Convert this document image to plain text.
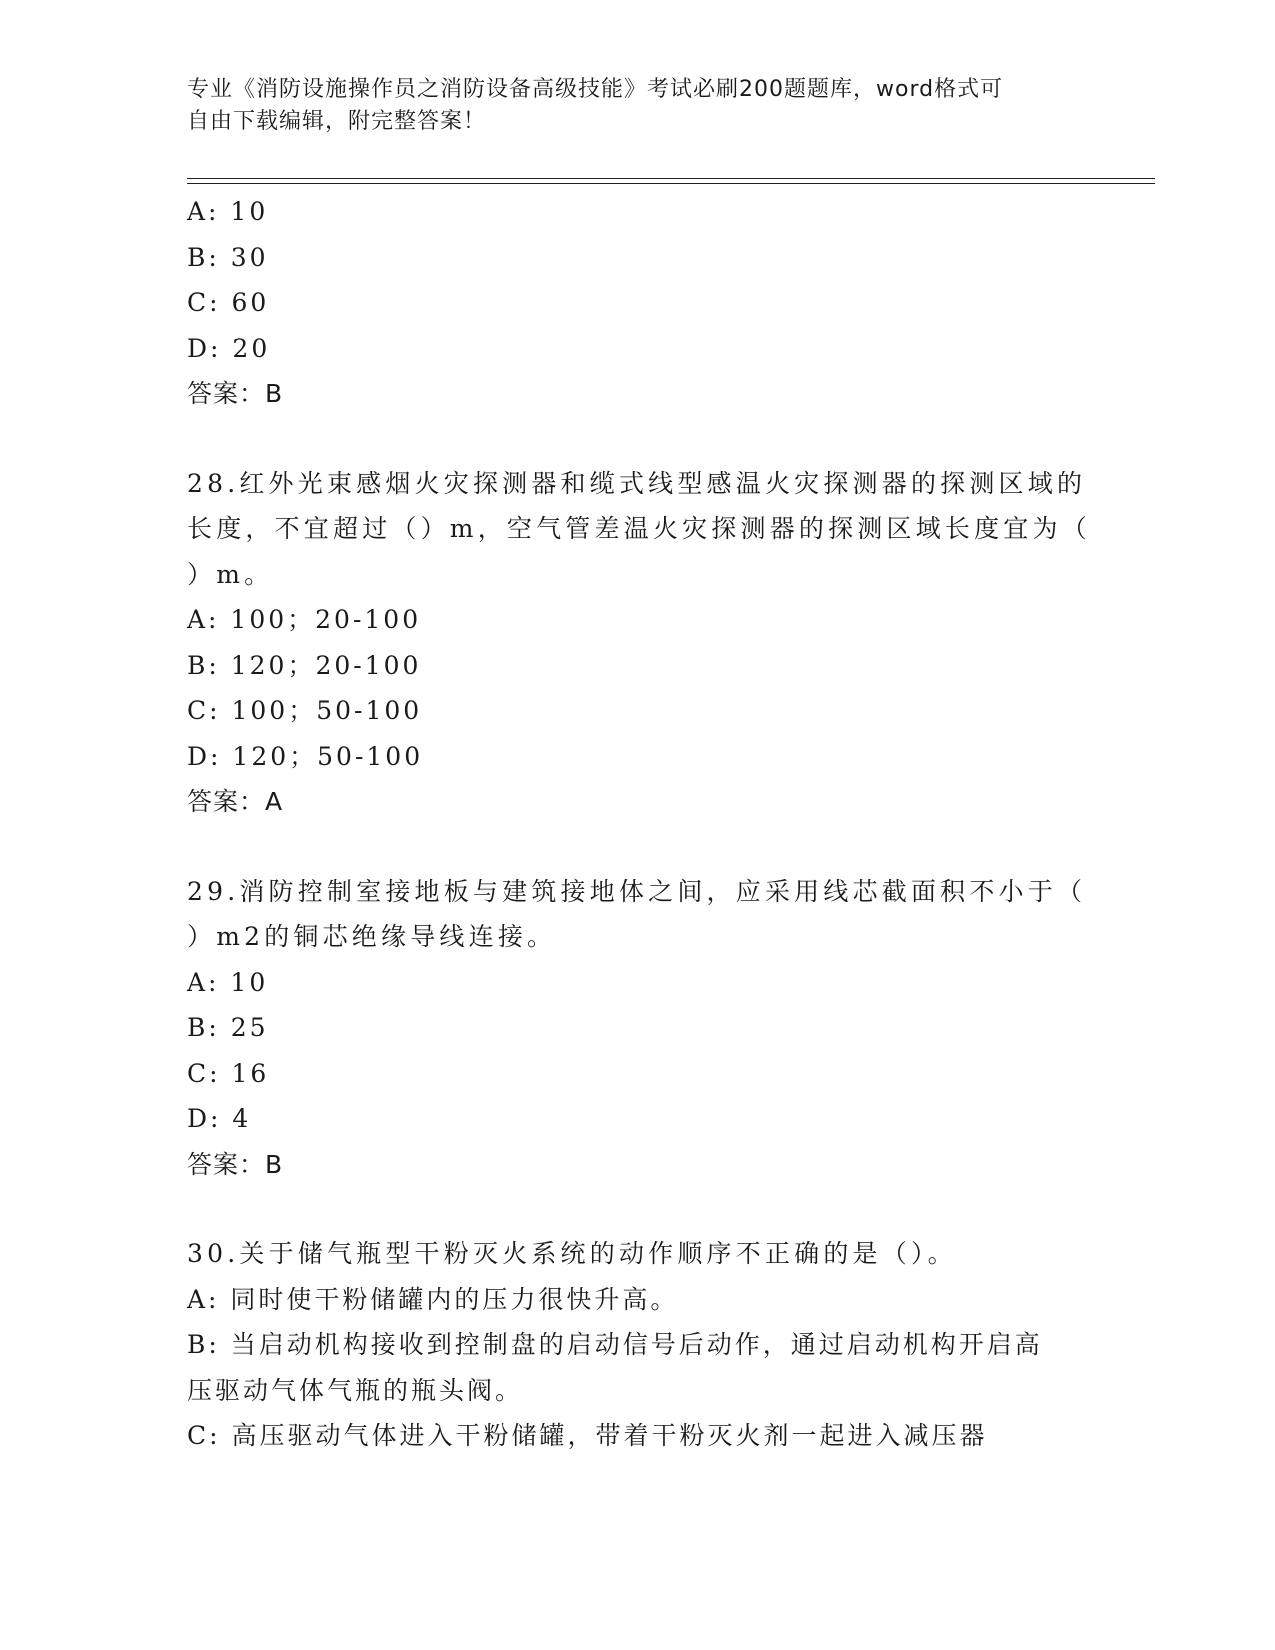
专业《消防设施操作员之消防设备高级技能》考试必刷200题题库，word格式可
自由下载编辑，附完整答案！
A: 10
B: 30
C: 60
D: 20
答案：B
28.红外光束感烟火灾探测器和缆式线型感温火灾探测器的探测区域的
长度，不宜超过（）m，空气管差温火灾探测器的探测区域长度宜为（
）m。
A: 100；20-100
B: 120；20-100
C: 100；50-100
D: 120；50-100
答案：A
29.消防控制室接地板与建筑接地体之间，应采用线芯截面积不小于（
）m2的铜芯绝缘导线连接。
A: 10
B: 25
C: 16
D: 4
答案：B
30.关于储气瓶型干粉灭火系统的动作顺序不正确的是（）。
A: 同时使干粉储罐内的压力很快升高。
B: 当启动机构接收到控制盘的启动信号后动作，通过启动机构开启高
压驱动气体气瓶的瓶头阀。
C: 高压驱动气体进入干粉储罐，带着干粉灭火剂一起进入减压器
